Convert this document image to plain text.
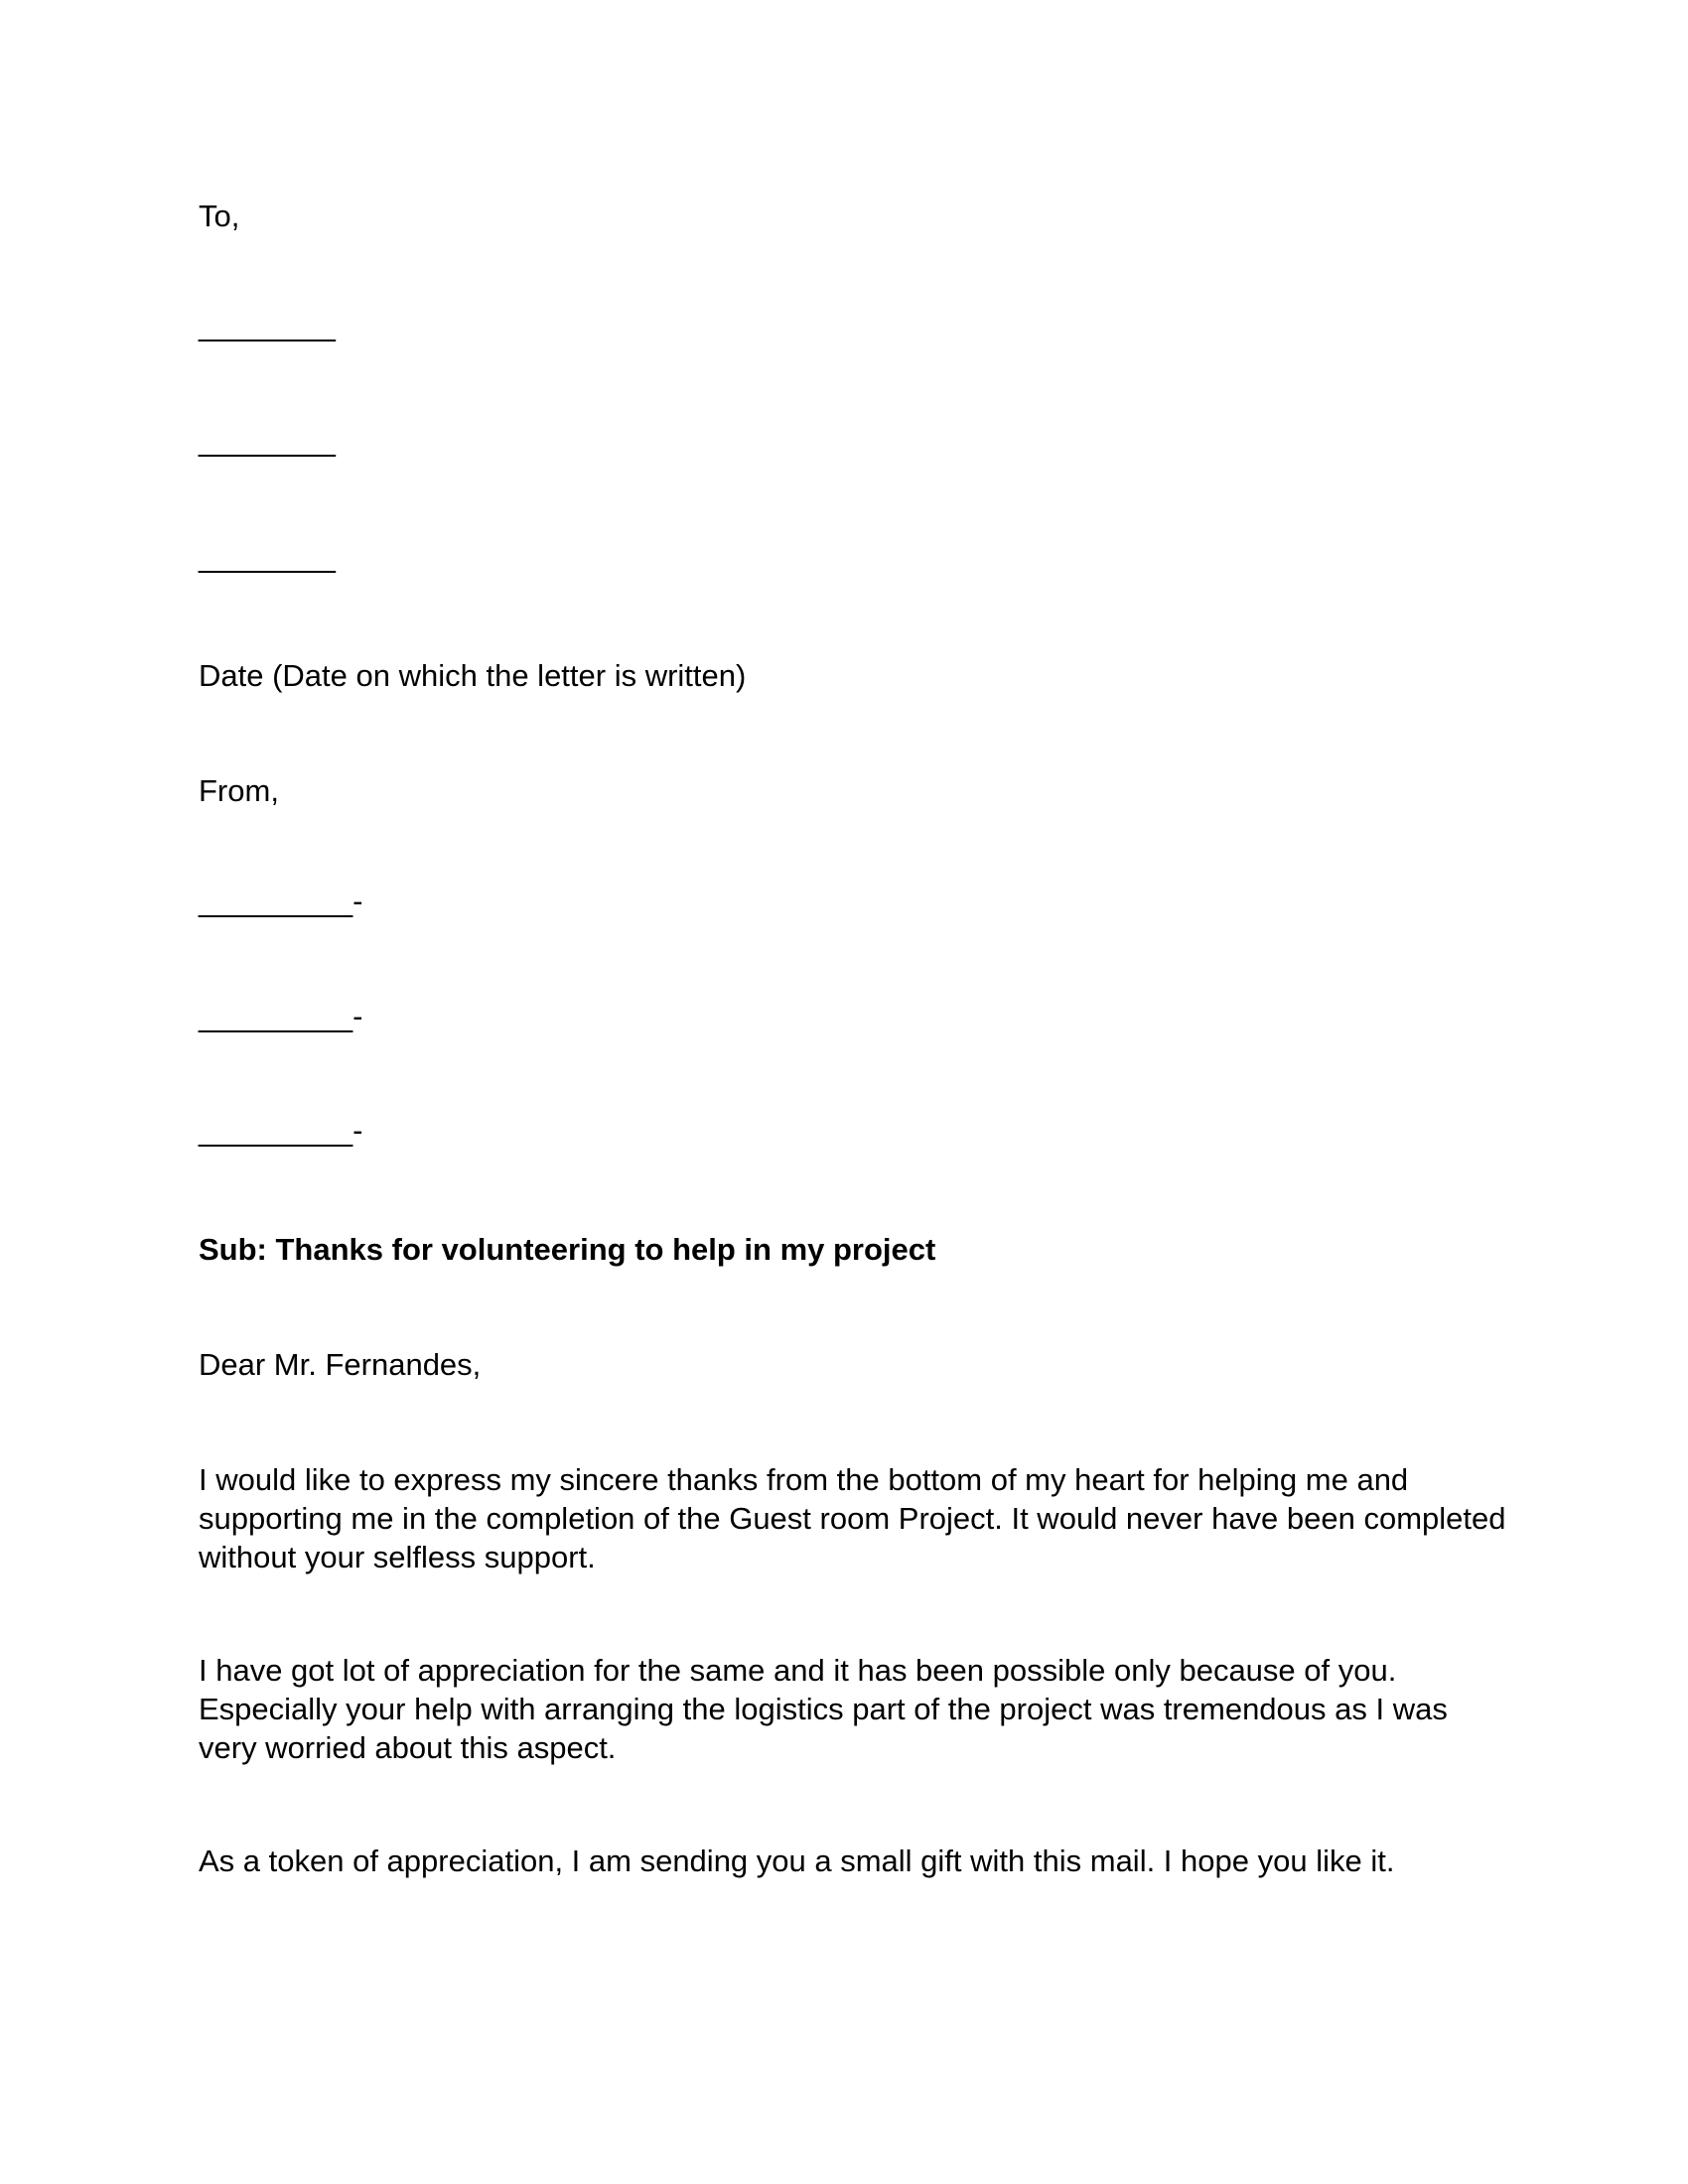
To,

________

________

________

Date (Date on which the letter is written)

From,

_________-

_________-

_________-

Sub: Thanks for volunteering to help in my project

Dear Mr. Fernandes,

I would like to express my sincere thanks from the bottom of my heart for helping me and supporting me in the completion of the Guest room Project. It would never have been completed without your selfless support.

I have got lot of appreciation for the same and it has been possible only because of you. Especially your help with arranging the logistics part of the project was tremendous as I was very worried about this aspect.

As a token of appreciation, I am sending you a small gift with this mail. I hope you like it.
